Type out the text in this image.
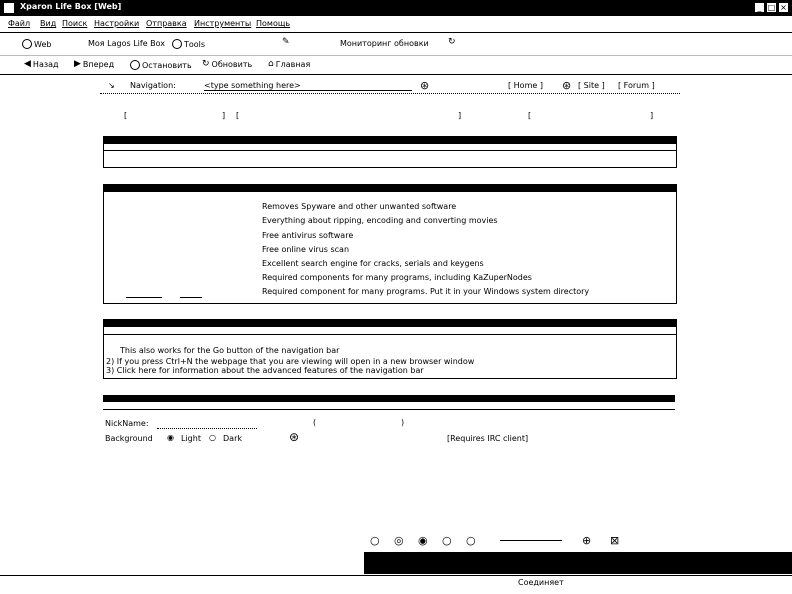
Xparon Life Box [Web]	_ □ ×
Файл Вид Поиск Настройки Отправка Инструменты Помощь
Web	Моя Lagos Life Box Тools	✎	Мониторинг обновки ↻
◀ Назад ▶ Вперед	Остановить ↻ Обновить ⌂ Главная
↘ Navigation:	<type something here>	⊛	[ Home ] ⊛ [ Site ] [ Forum ]
[	] [	]	[	]
Removes Spyware and other unwanted software
Everything about ripping, encoding and converting movies
Free antivirus software
Free online virus scan
Excellent search engine for cracks, serials and keygens
Required components for many programs, including KaZuperNodes
Required component for many programs. Put it in your Windows system directory
This also works for the Go button of the navigation bar
2) If you press Ctrl+N the webpage that you are viewing will open in a new browser window
3) Click here for information about the advanced features of the navigation bar
NickName:	(	)
Background ◉ Light ○ Dark	⊛	[Requires IRC client]
○ ◎ ◉ ○ ○	⊕ ⊠
Соединяет
